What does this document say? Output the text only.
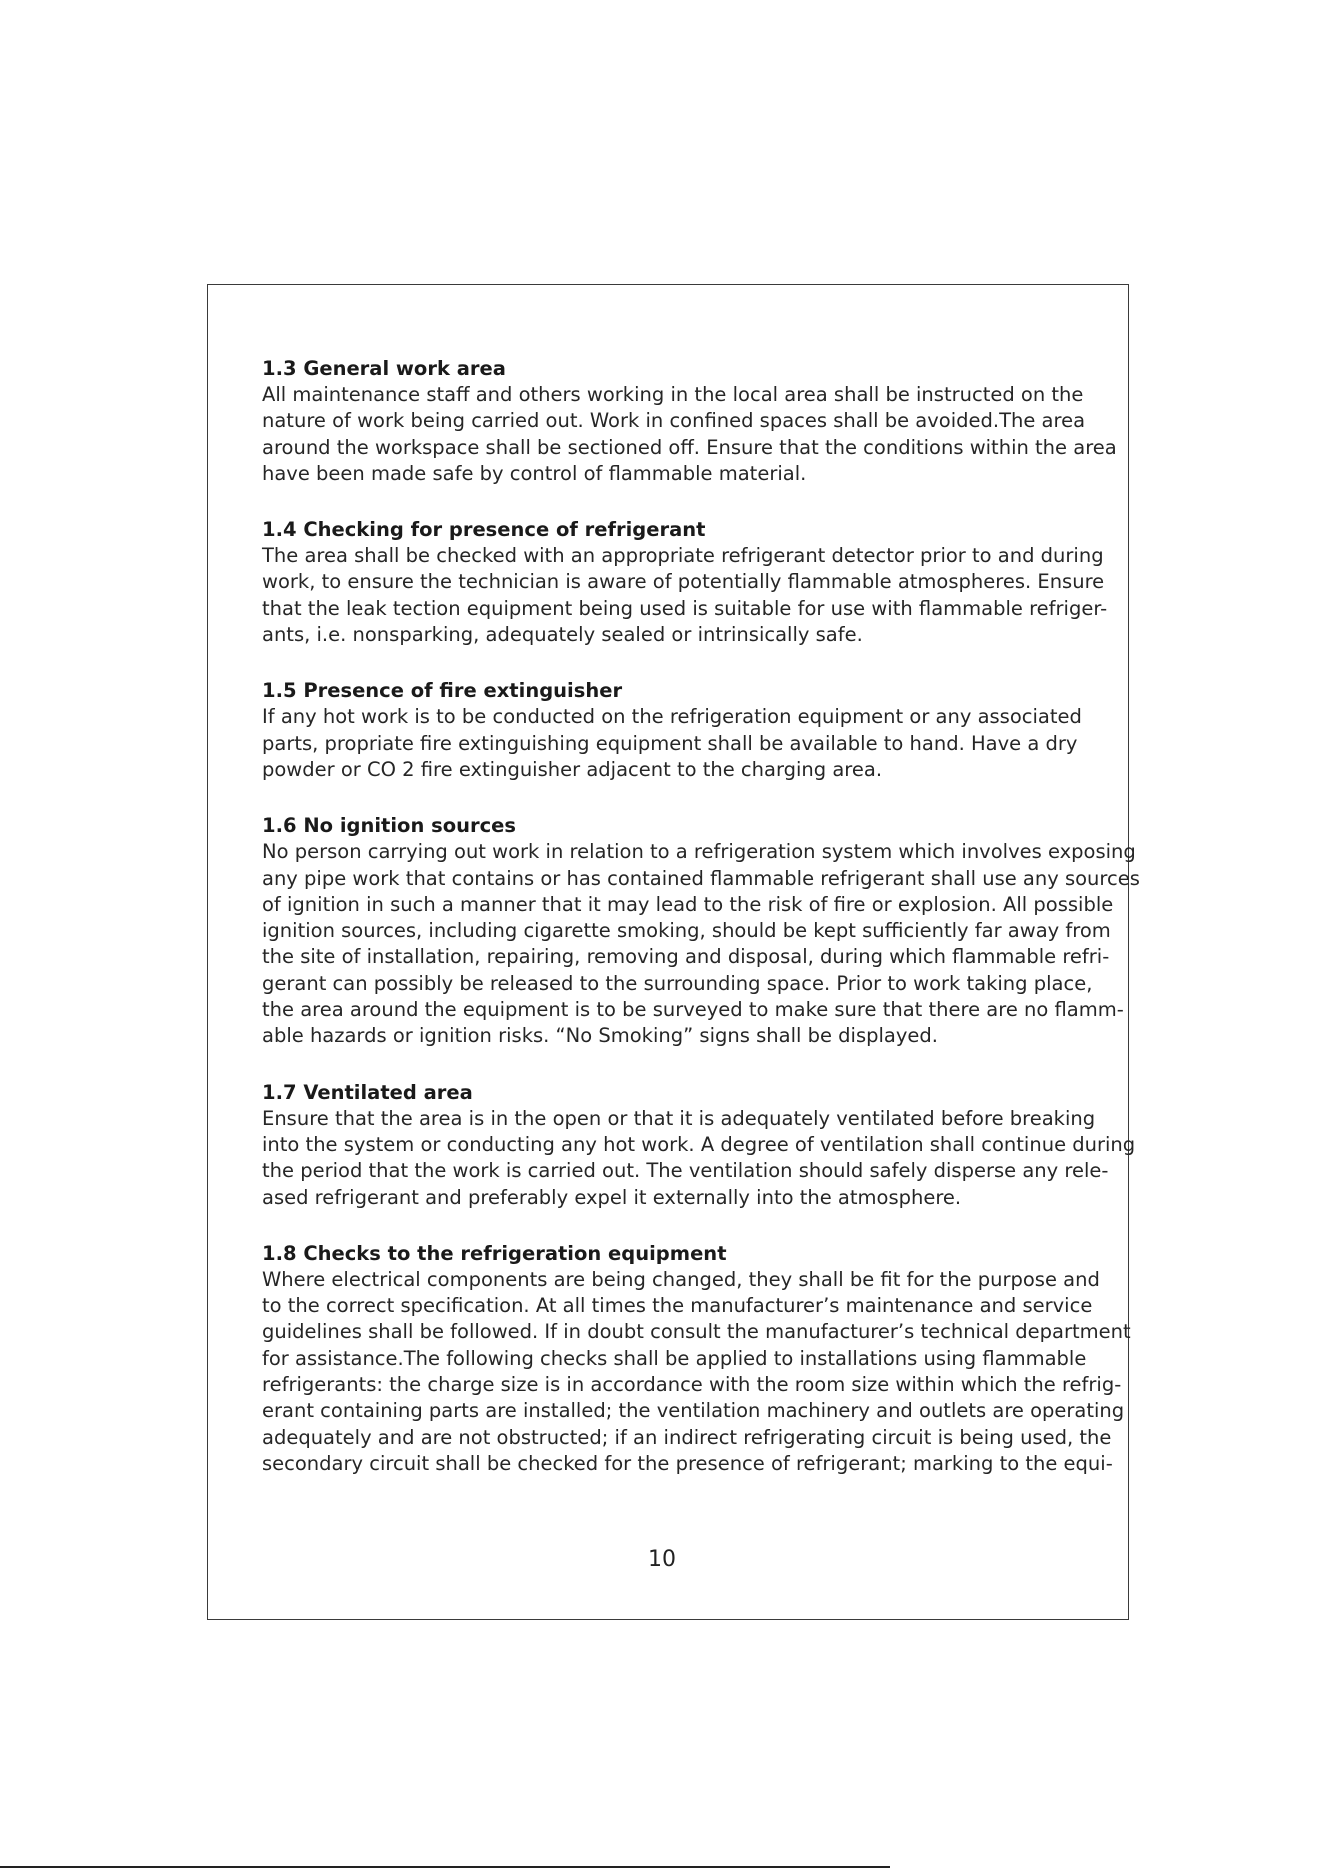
1.3 General work area
All maintenance staff and others working in the local area shall be instructed on the
nature of work being carried out. Work in confined spaces shall be avoided.The area
around the workspace shall be sectioned off. Ensure that the conditions within the area
have been made safe by control of flammable material.
1.4 Checking for presence of refrigerant
The area shall be checked with an appropriate refrigerant detector prior to and during
work, to ensure the technician is aware of potentially flammable atmospheres. Ensure
that the leak tection equipment being used is suitable for use with flammable refriger-
ants, i.e. nonsparking, adequately sealed or intrinsically safe.
1.5 Presence of fire extinguisher
If any hot work is to be conducted on the refrigeration equipment or any associated
parts, propriate fire extinguishing equipment shall be available to hand. Have a dry
powder or CO 2 fire extinguisher adjacent to the charging area.
1.6 No ignition sources
No person carrying out work in relation to a refrigeration system which involves exposing
any pipe work that contains or has contained flammable refrigerant shall use any sources
of ignition in such a manner that it may lead to the risk of fire or explosion. All possible
ignition sources, including cigarette smoking, should be kept sufficiently far away from
the site of installation, repairing, removing and disposal, during which flammable refri-
gerant can possibly be released to the surrounding space. Prior to work taking place,
the area around the equipment is to be surveyed to make sure that there are no flamm-
able hazards or ignition risks. “No Smoking” signs shall be displayed.
1.7 Ventilated area
Ensure that the area is in the open or that it is adequately ventilated before breaking
into the system or conducting any hot work. A degree of ventilation shall continue during
the period that the work is carried out. The ventilation should safely disperse any rele-
ased refrigerant and preferably expel it externally into the atmosphere.
1.8 Checks to the refrigeration equipment
Where electrical components are being changed, they shall be fit for the purpose and
to the correct specification. At all times the manufacturer’s maintenance and service
guidelines shall be followed. If in doubt consult the manufacturer’s technical department
for assistance.The following checks shall be applied to installations using flammable
refrigerants: the charge size is in accordance with the room size within which the refrig-
erant containing parts are installed; the ventilation machinery and outlets are operating
adequately and are not obstructed; if an indirect refrigerating circuit is being used, the
secondary circuit shall be checked for the presence of refrigerant; marking to the equi-
10
